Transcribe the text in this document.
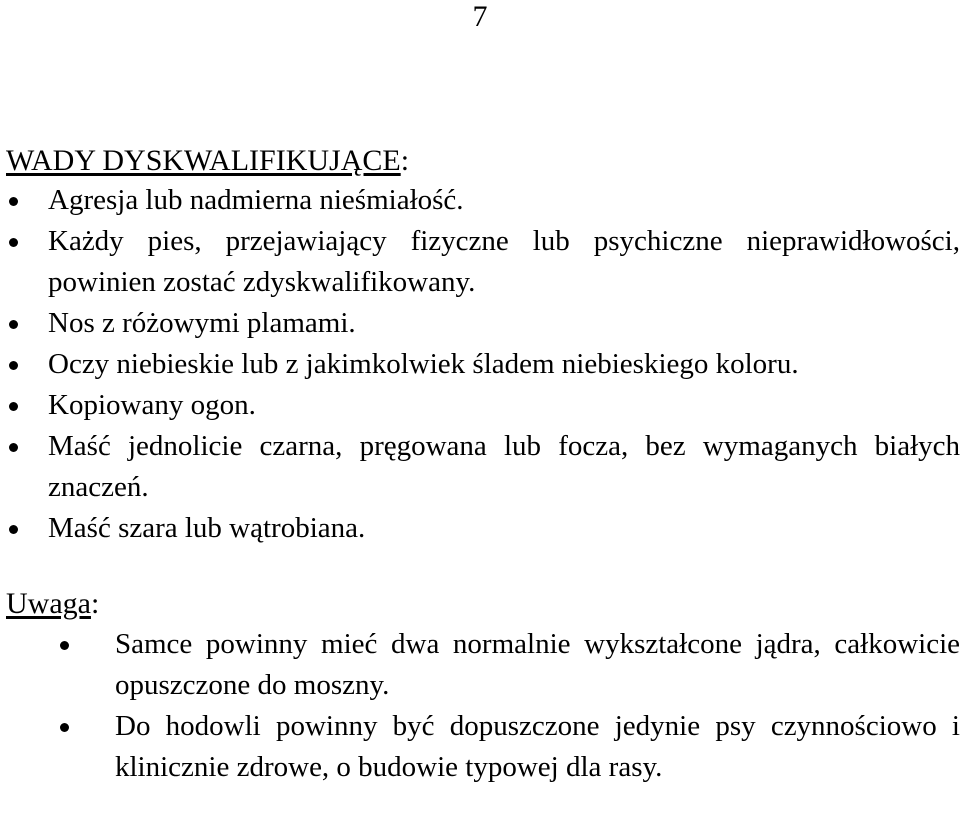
7
WADY DYSKWALIFIKUJĄCE:
Agresja lub nadmierna nieśmiałość.
Każdy pies, przejawiający fizyczne lub psychiczne nieprawidłowości, powinien zostać zdyskwalifikowany.
Nos z różowymi plamami.
Oczy niebieskie lub z jakimkolwiek śladem niebieskiego koloru.
Kopiowany ogon.
Maść jednolicie czarna, pręgowana lub focza, bez wymaganych białych znaczeń.
Maść szara lub wątrobiana.
Uwaga:
Samce powinny mieć dwa normalnie wykształcone jądra, całkowicie opuszczone do moszny.
Do hodowli powinny być dopuszczone jedynie psy czynnościowo i klinicznie zdrowe, o budowie typowej dla rasy.
